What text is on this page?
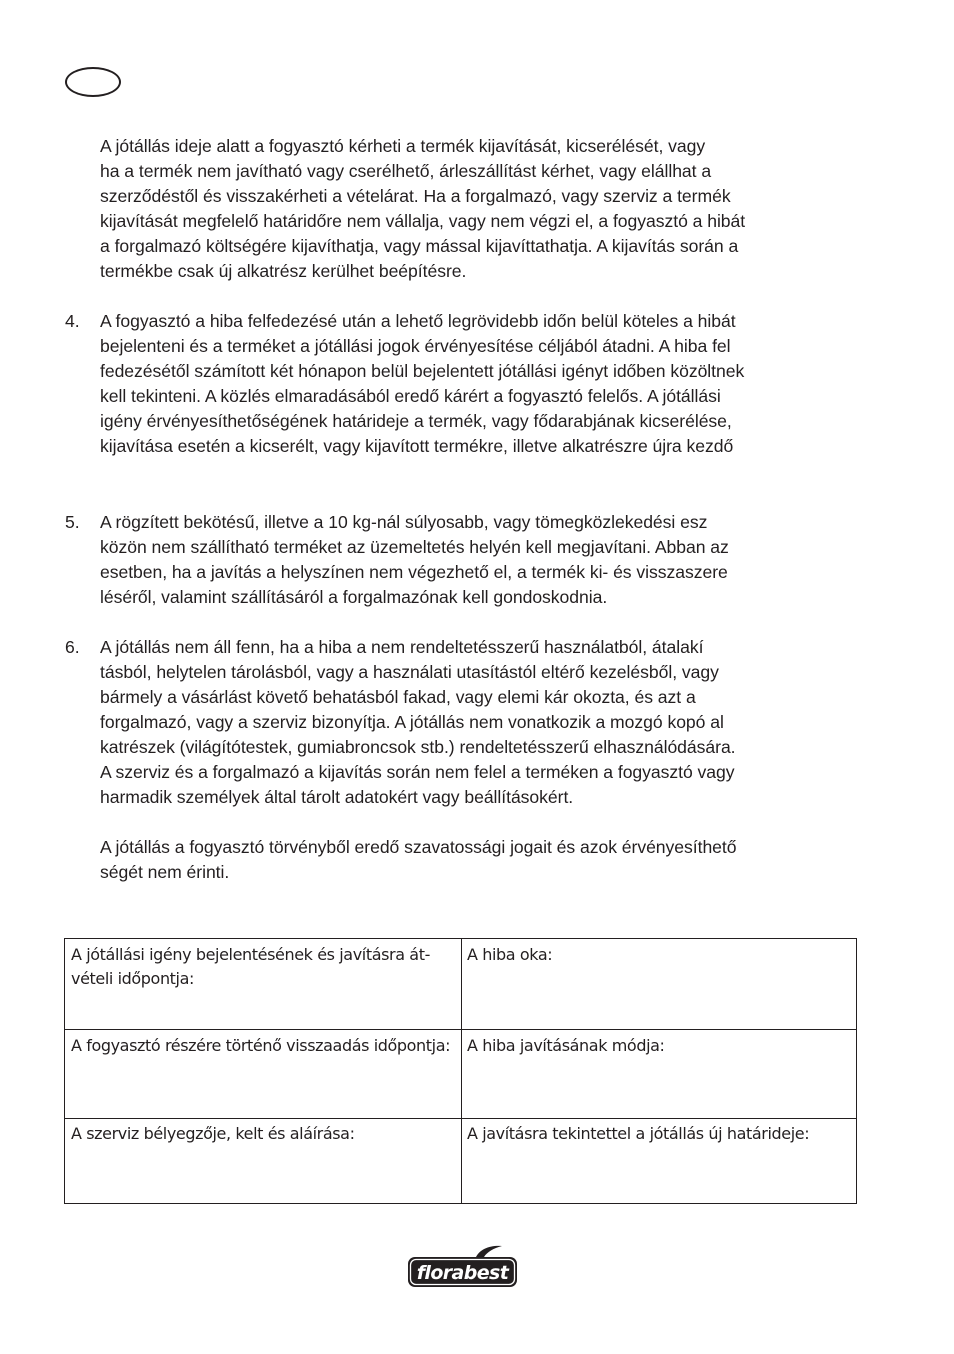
A jótállás ideje alatt a fogyasztó kérheti a termék kijavítását, kicserélését, vagy
ha a termék nem javítható vagy cserélhető, árleszállítást kérhet, vagy elállhat a
szerződéstől és visszakérheti a vételárat. Ha a forgalmazó, vagy szerviz a termék
kijavítását megfelelő határidőre nem vállalja, vagy nem végzi el, a fogyasztó a hibát
a forgalmazó költségére kijavíthatja, vagy mással kijavíttathatja. A kijavítás során a
termékbe csak új alkatrész kerülhet beépítésre.
4. A fogyasztó a hiba felfedezésé után a lehető legrövidebb időn belül köteles a hibát
bejelenteni és a terméket a jótállási jogok érvényesítése céljából átadni. A hiba fel
fedezésétől számított két hónapon belül bejelentett jótállási igényt időben közöltnek
kell tekinteni. A közlés elmaradásából eredő kárért a fogyasztó felelős. A jótállási
igény érvényesíthetőségének határideje a termék, vagy fődarabjának kicserélése,
kijavítása esetén a kicserélt, vagy kijavított termékre, illetve alkatrészre újra kezdő
5. A rögzített bekötésű, illetve a 10 kg-nál súlyosabb, vagy tömegközlekedési esz
közön nem szállítható terméket az üzemeltetés helyén kell megjavítani. Abban az
esetben, ha a javítás a helyszínen nem végezhető el, a termék ki- és visszaszere
léséről, valamint szállításáról a forgalmazónak kell gondoskodnia.
6. A jótállás nem áll fenn, ha a hiba a nem rendeltetésszerű használatból, átalakí
tásból, helytelen tárolásból, vagy a használati utasítástól eltérő kezelésből, vagy
bármely a vásárlást követő behatásból fakad, vagy elemi kár okozta, és azt a
forgalmazó, vagy a szerviz bizonyítja. A jótállás nem vonatkozik a mozgó kopó al
katrészek (világítótestek, gumiabroncsok stb.) rendeltetésszerű elhasználódására.
A szerviz és a forgalmazó a kijavítás során nem felel a terméken a fogyasztó vagy
harmadik személyek által tárolt adatokért vagy beállításokért.
A jótállás a fogyasztó törvényből eredő szavatossági jogait és azok érvényesíthető
ségét nem érinti.
A jótállási igény bejelentésének és javításra át-
vételi időpontja:
A hiba oka:
A fogyasztó részére történő visszaadás időpontja:	A hiba javításának módja:
A szerviz bélyegzője, kelt és aláírása:	A javításra tekintettel a jótállás új határideje:
florabest
